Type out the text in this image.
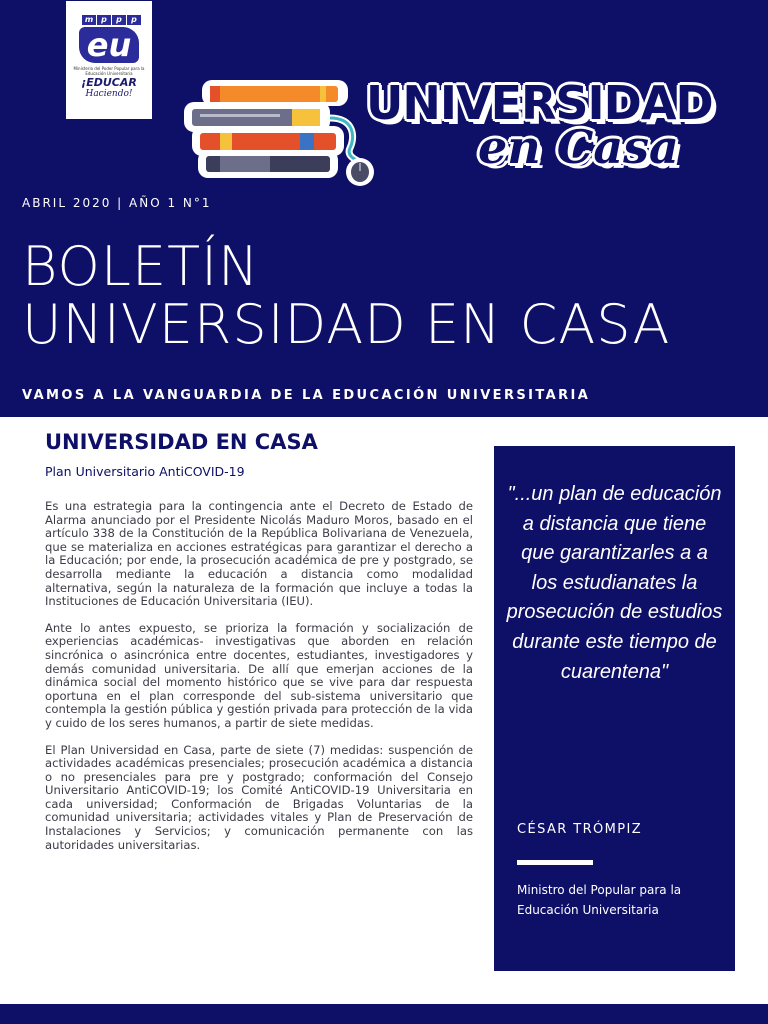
m p	p	p
eu
Ministerio del Poder Popular para la Educación Universitaria
¡EDUCAR
Haciendo!	UNIVERSIDAD
en Casa
ABRIL 2020 | AÑO 1 N°1
BOLETÍN
UNIVERSIDAD EN CASA
VAMOS A LA VANGUARDIA DE LA EDUCACIÓN UNIVERSITARIA
UNIVERSIDAD EN CASA
Plan Universitario AntiCOVID-19

Es una estrategia para la contingencia ante el Decreto de Estado de Alarma anunciado por el Presidente Nicolás Maduro Moros, basado en el artículo 338 de la Constitución de la República Bolivariana de Venezuela, que se materializa en acciones estratégicas para garantizar el derecho a la Educación; por ende, la prosecución académica de pre y postgrado, se desarrolla mediante la educación a distancia como modalidad alternativa, según la naturaleza de la formación que incluye a todas la Instituciones de Educación Universitaria (IEU).

Ante lo antes expuesto, se prioriza la formación y socialización de experiencias académicas- investigativas que aborden en relación sincrónica o asincrónica entre docentes, estudiantes, investigadores y demás comunidad universitaria. De allí que emerjan acciones de la dinámica social del momento histórico que se vive para dar respuesta oportuna en el plan corresponde del sub-sistema universitario que contempla la gestión pública y gestión privada para protección de la vida y cuido de los seres humanos, a partir de siete medidas.

El Plan Universidad en Casa, parte de siete (7) medidas: suspención de actividades académicas presenciales; prosecución académica a distancia o no presenciales para pre y postgrado; conformación del Consejo Universitario AntiCOVID-19; los Comité AntiCOVID-19 Universitaria en cada universidad; Conformación de Brigadas Voluntarias de la comunidad universitaria; actividades vitales y Plan de Preservación de Instalaciones y Servicios; y comunicación permanente con las autoridades universitarias.

"...un plan de educación a distancia que tiene que garantizarles a a los estudianates la prosecución de estudios durante este tiempo de cuarentena"
CÉSAR TRÓMPIZ
Ministro del Popular para la Educación Universitaria
